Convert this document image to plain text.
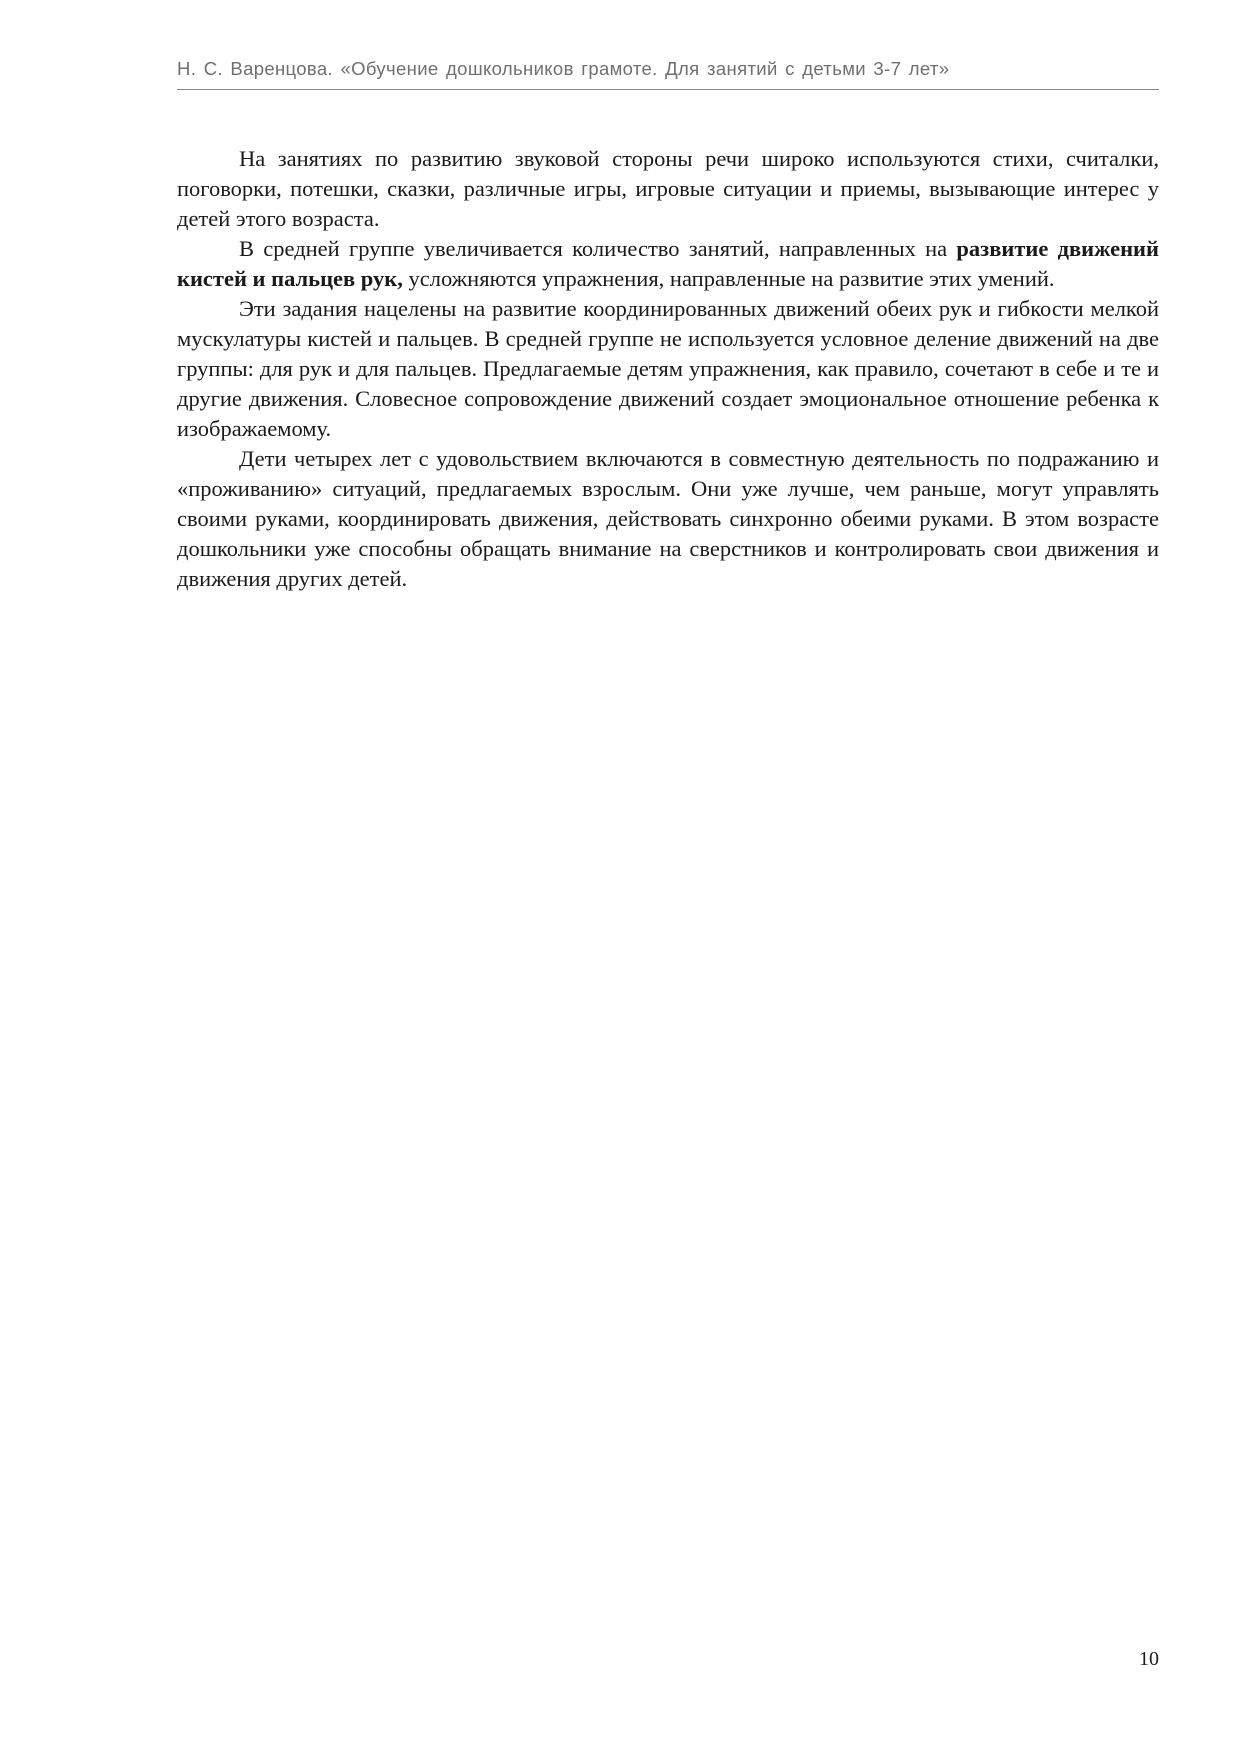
Н. С. Варенцова. «Обучение дошкольников грамоте. Для занятий с детьми 3-7 лет»

На занятиях по развитию звуковой стороны речи широко используются стихи, считалки, поговорки, потешки, сказки, различные игры, игровые ситуации и приемы, вызывающие интерес у детей этого возраста.

В средней группе увеличивается количество занятий, направленных на развитие движений кистей и пальцев рук, усложняются упражнения, направленные на развитие этих умений.

Эти задания нацелены на развитие координированных движений обеих рук и гибкости мелкой мускулатуры кистей и пальцев. В средней группе не используется условное деление движений на две группы: для рук и для пальцев. Предлагаемые детям упражнения, как правило, сочетают в себе и те и другие движения. Словесное сопровождение движений создает эмоциональное отношение ребенка к изображаемому.

Дети четырех лет с удовольствием включаются в совместную деятельность по подражанию и «проживанию» ситуаций, предлагаемых взрослым. Они уже лучше, чем раньше, могут управлять своими руками, координировать движения, действовать синхронно обеими руками. В этом возрасте дошкольники уже способны обращать внимание на сверстников и контролировать свои движения и движения других детей.

10
